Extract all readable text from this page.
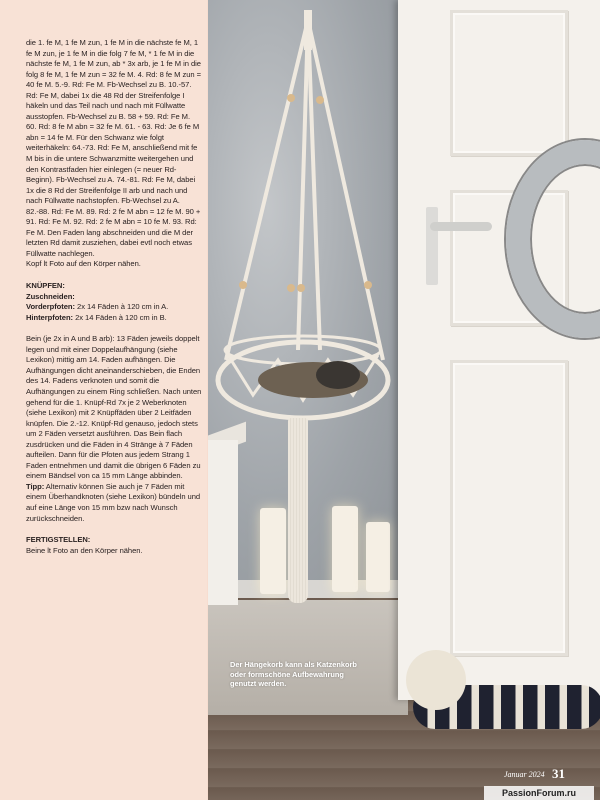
die 1. fe M, 1 fe M zun, 1 fe M in die nächste fe M, 1 fe M zun, je 1 fe M in die folg 7 fe M, * 1 fe M in die nächste fe M, 1 fe M zun, ab * 3x arb, je 1 fe M in die folg 8 fe M, 1 fe M zun = 32 fe M. 4. Rd: 8 fe M zun = 40 fe M. 5.-9. Rd: Fe M. Fb-Wechsel zu B. 10.-57. Rd: Fe M, dabei 1x die 48 Rd der Streifenfolge I häkeln und das Teil nach und nach mit Füllwatte ausstopfen. Fb-Wechsel zu B. 58 + 59. Rd: Fe M. 60. Rd: 8 fe M abn = 32 fe M. 61. - 63. Rd: Je 6 fe M abn = 14 fe M. Für den Schwanz wie folgt weiterhäkeln: 64.-73. Rd: Fe M, anschließend mit fe M bis in die untere Schwanzmitte weitergehen und den Kontrastfaden hier einlegen (= neuer Rd-Beginn). Fb-Wechsel zu A. 74.-81. Rd: Fe M, dabei 1x die 8 Rd der Streifenfolge II arb und nach und nach Füllwatte nachstopfen. Fb-Wechsel zu A. 82.-88. Rd: Fe M. 89. Rd: 2 fe M abn = 12 fe M. 90 + 91. Rd: Fe M. 92. Rd: 2 fe M abn = 10 fe M. 93. Rd: Fe M. Den Faden lang abschneiden und die M der letzten Rd damit zusziehen, dabei evtl noch etwas Füllwatte nachlegen.

Kopf lt Foto auf den Körper nähen.

KNÜPFEN:

Zuschneiden:

Vorderpfoten: 2x 14 Fäden à 120 cm in A.

Hinterpfoten: 2x 14 Fäden à 120 cm in B.

Bein (je 2x in A und B arb): 13 Fäden jeweils doppelt legen und mit einer Doppelaufhängung (siehe Lexikon) mittig am 14. Faden aufhängen. Die Aufhängungen dicht aneinanderschieben, die Enden des 14. Fadens verknoten und somit die Aufhängungen zu einem Ring schließen. Nach unten gehend für die 1. Knüpf-Rd 7x je 2 Weberknoten (siehe Lexikon) mit 2 Knüpffäden über 2 Leitfäden knüpfen. Die 2.-12. Knüpf-Rd genauso, jedoch stets um 2 Fäden versetzt ausführen. Das Bein flach zusdrücken und die Fäden in 4 Stränge à 7 Fäden aufteilen. Dann für die Pfoten aus jedem Strang 1 Faden entnehmen und damit die übrigen 6 Fäden zu einem Bändsel von ca 15 mm Länge abbinden.

Tipp: Alternativ können Sie auch je 7 Fäden mit einem Überhandknoten (siehe Lexikon) bündeln und auf eine Länge von 15 mm bzw nach Wunsch zurückschneiden.

FERTIGSTELLEN:

Beine lt Foto an den Körper nähen.

Der Hängekorb kann als Katzenkorb oder formschöne Aufbewahrung genutzt werden.
Januar 2024 31
PassionForum.ru
